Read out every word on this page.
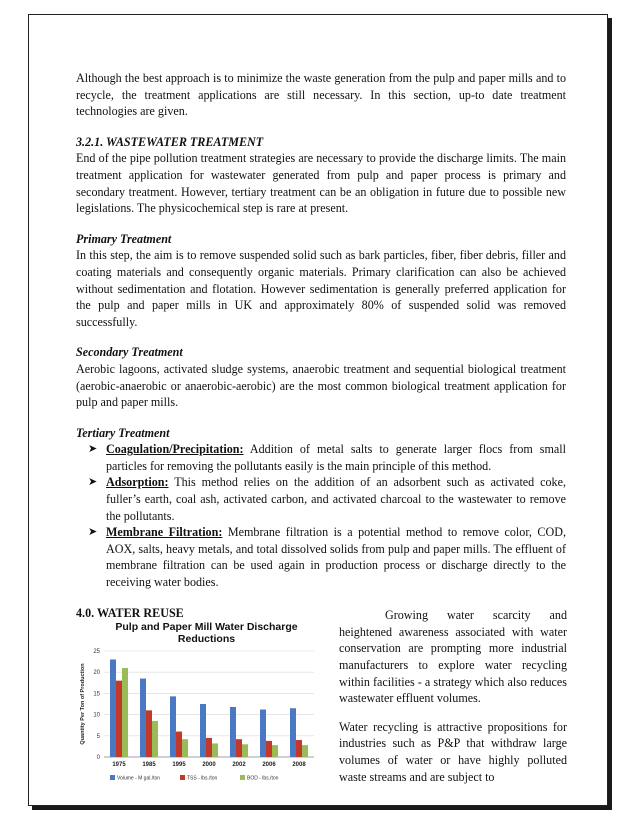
Although the best approach is to minimize the waste generation from the pulp and paper mills and to recycle, the treatment applications are still necessary. In this section, up-to date treatment technologies are given.

3.2.1. WASTEWATER TREATMENT

End of the pipe pollution treatment strategies are necessary to provide the discharge limits. The main treatment application for wastewater generated from pulp and paper process is primary and secondary treatment. However, tertiary treatment can be an obligation in future due to possible new legislations. The physicochemical step is rare at present.

Primary Treatment

In this step, the aim is to remove suspended solid such as bark particles, fiber, fiber debris, filler and coating materials and consequently organic materials. Primary clarification can also be achieved without sedimentation and flotation. However sedimentation is generally preferred application for the pulp and paper mills in UK and approximately 80% of suspended solid was removed successfully.

Secondary Treatment

Aerobic lagoons, activated sludge systems, anaerobic treatment and sequential biological treatment (aerobic-anaerobic or anaerobic-aerobic) are the most common biological treatment application for pulp and paper mills.

Tertiary Treatment

➤ Coagulation/Precipitation: Addition of metal salts to generate larger flocs from small particles for removing the pollutants easily is the main principle of this method.
➤ Adsorption: This method relies on the addition of an adsorbent such as activated coke, fuller’s earth, coal ash, activated carbon, and activated charcoal to the wastewater to remove the pollutants.
➤ Membrane Filtration: Membrane filtration is a potential method to remove color, COD, AOX, salts, heavy metals, and total dissolved solids from pulp and paper mills. The effluent of membrane filtration can be used again in production process or discharge directly to the receiving water bodies.

4.0. WATER REUSE

Pulp and Paper Mill Water Discharge
Reductions
Quantity Per Ton of Production
0
5
10
15
20
25
1975	1985	1995	2000	2002	2006	2008
Volume - M gal./ton	TSS - lbs./ton	BOD - lbs./ton

Growing water scarcity and heightened awareness associated with water conservation are prompting more industrial manufacturers to explore water recycling within facilities - a strategy which also reduces wastewater effluent volumes.

Water recycling is attractive propositions for industries such as P&P that withdraw large volumes of water or have highly polluted waste streams and are subject to
